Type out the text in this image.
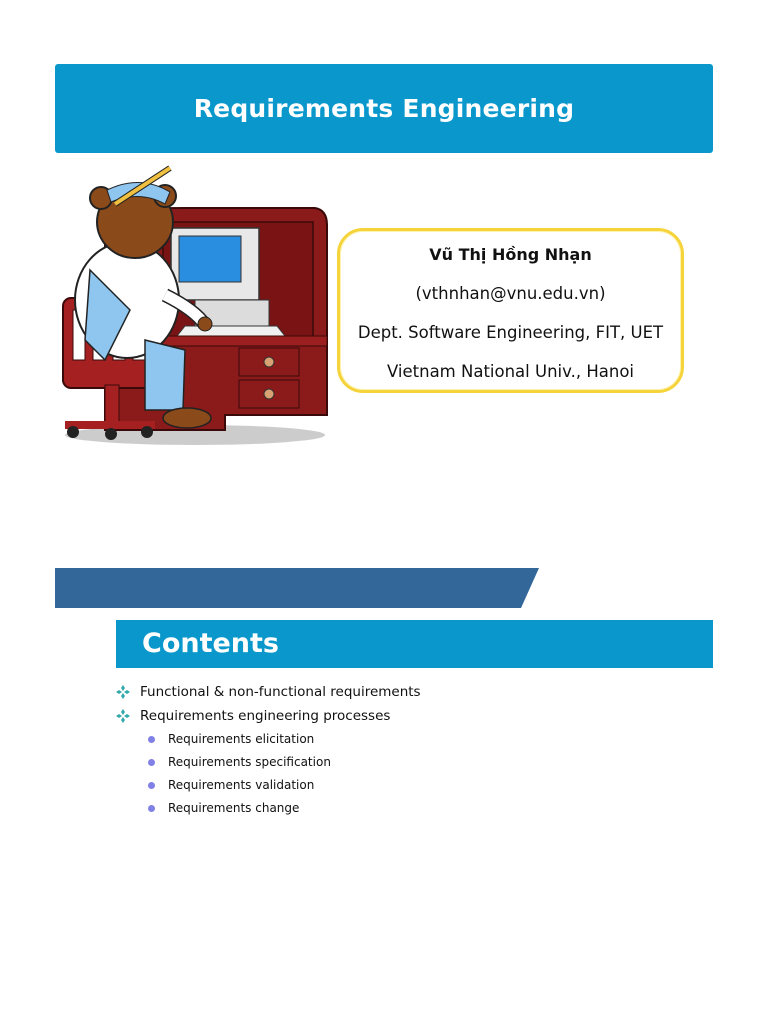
Requirements Engineering
Vũ Thị Hồng Nhạn
(vthnhan@vnu.edu.vn)
Dept. Software Engineering, FIT, UET
Vietnam National Univ., Hanoi
Contents
Functional & non-functional requirements
Requirements engineering processes
Requirements elicitation
Requirements specification
Requirements validation
Requirements change
